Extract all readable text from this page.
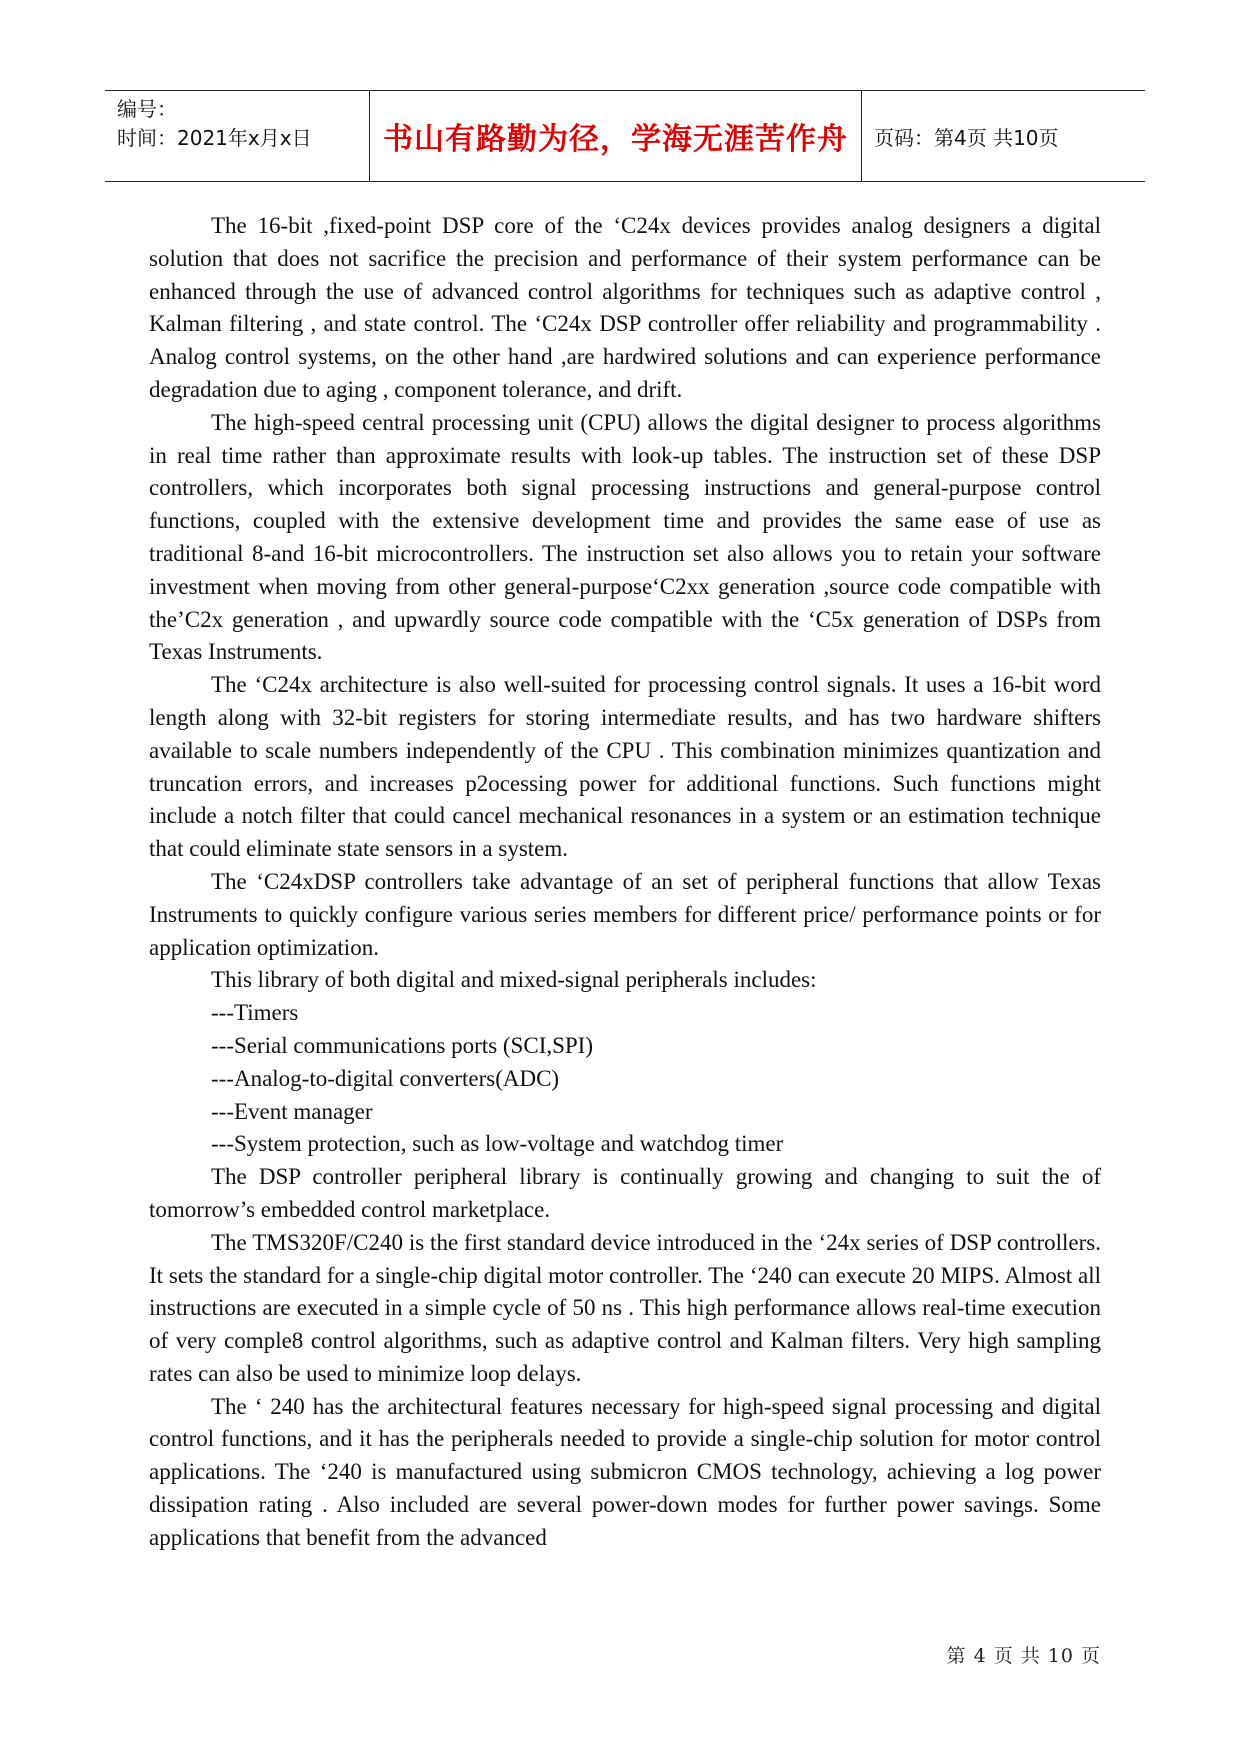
编号：
时间：2021年x月x日	书山有路勤为径，学海无涯苦作舟	页码：第4页 共10页

The 16-bit ,fixed-point DSP core of the ‘C24x devices provides analog designers a digital solution that does not sacrifice the precision and performance of their system performance can be enhanced through the use of advanced control algorithms for techniques such as adaptive control , Kalman filtering , and state control. The ‘C24x DSP controller offer reliability and programmability . Analog control systems, on the other hand ,are hardwired solutions and can experience performance degradation due to aging , component tolerance, and drift.

The high-speed central processing unit (CPU) allows the digital designer to process algorithms in real time rather than approximate results with look-up tables. The instruction set of these DSP controllers, which incorporates both signal processing instructions and general-purpose control functions, coupled with the extensive development time and provides the same ease of use as traditional 8-and 16-bit microcontrollers. The instruction set also allows you to retain your software investment when moving from other general-purpose‘C2xx generation ,source code compatible with the’C2x generation , and upwardly source code compatible with the ‘C5x generation of DSPs from Texas Instruments.

The ‘C24x architecture is also well-suited for processing control signals. It uses a 16-bit word length along with 32-bit registers for storing intermediate results, and has two hardware shifters available to scale numbers independently of the CPU . This combination minimizes quantization and truncation errors, and increases p2ocessing power for additional functions. Such functions might include a notch filter that could cancel mechanical resonances in a system or an estimation technique that could eliminate state sensors in a system.

The ‘C24xDSP controllers take advantage of an set of peripheral functions that allow Texas Instruments to quickly configure various series members for different price/ performance points or for application optimization.

This library of both digital and mixed-signal peripherals includes:

---Timers

---Serial communications ports (SCI,SPI)

---Analog-to-digital converters(ADC)

---Event manager

---System protection, such as low-voltage and watchdog timer

The DSP controller peripheral library is continually growing and changing to suit the of tomorrow’s embedded control marketplace.

The TMS320F/C240 is the first standard device introduced in the ‘24x series of DSP controllers. It sets the standard for a single-chip digital motor controller. The ‘240 can execute 20 MIPS. Almost all instructions are executed in a simple cycle of 50 ns . This high performance allows real-time execution of very comple8 control algorithms, such as adaptive control and Kalman filters. Very high sampling rates can also be used to minimize loop delays.

The ‘ 240 has the architectural features necessary for high-speed signal processing and digital control functions, and it has the peripherals needed to provide a single-chip solution for motor control applications. The ‘240 is manufactured using submicron CMOS technology, achieving a log power dissipation rating . Also included are several power-down modes for further power savings. Some applications that benefit from the advanced

第 4 页 共 10 页
